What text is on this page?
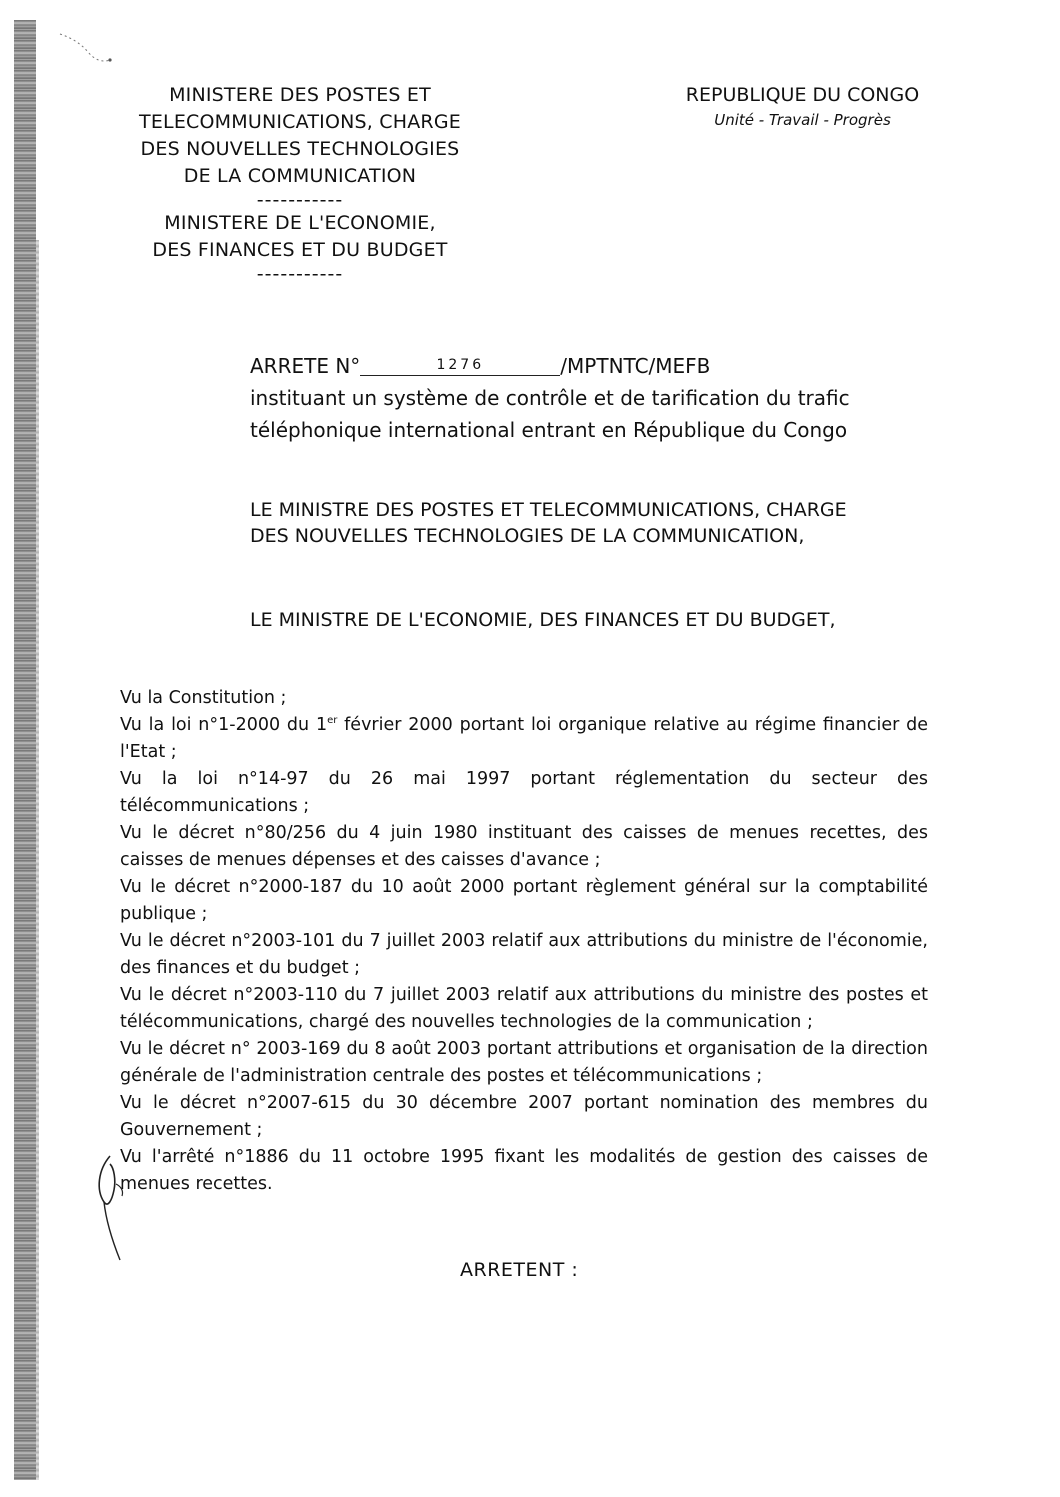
MINISTERE DES POSTES ET
TELECOMMUNICATIONS, CHARGE
DES NOUVELLES TECHNOLOGIES
DE LA COMMUNICATION
-----------
MINISTERE DE L'ECONOMIE,
DES FINANCES ET DU BUDGET
-----------
REPUBLIQUE DU CONGO
Unité - Travail - Progrès
ARRETE N°	1276	/MPTNTC/MEFB
instituant un système de contrôle et de tarification du trafic
téléphonique international entrant en République du Congo
LE MINISTRE DES POSTES ET TELECOMMUNICATIONS, CHARGE
DES NOUVELLES TECHNOLOGIES DE LA COMMUNICATION,
LE MINISTRE DE L'ECONOMIE, DES FINANCES ET DU BUDGET,
Vu la Constitution ;
Vu la loi n°1-2000 du 1er février 2000 portant loi organique relative au régime financier de l'Etat ;
Vu la loi n°14-97 du 26 mai 1997 portant réglementation du secteur des télécommunications ;
Vu le décret n°80/256 du 4 juin 1980 instituant des caisses de menues recettes, des caisses de menues dépenses et des caisses d'avance ;
Vu le décret n°2000-187 du 10 août 2000 portant règlement général sur la comptabilité publique ;
Vu le décret n°2003-101 du 7 juillet 2003 relatif aux attributions du ministre de l'économie, des finances et du budget ;
Vu le décret n°2003-110 du 7 juillet 2003 relatif aux attributions du ministre des postes et télécommunications, chargé des nouvelles technologies de la communication ;
Vu le décret n° 2003-169 du 8 août 2003 portant attributions et organisation de la direction générale de l'administration centrale des postes et télécommunications ;
Vu le décret n°2007-615 du 30 décembre 2007 portant nomination des membres du Gouvernement ;
Vu l'arrêté n°1886 du 11 octobre 1995 fixant les modalités de gestion des caisses de menues recettes.
ARRETENT :
